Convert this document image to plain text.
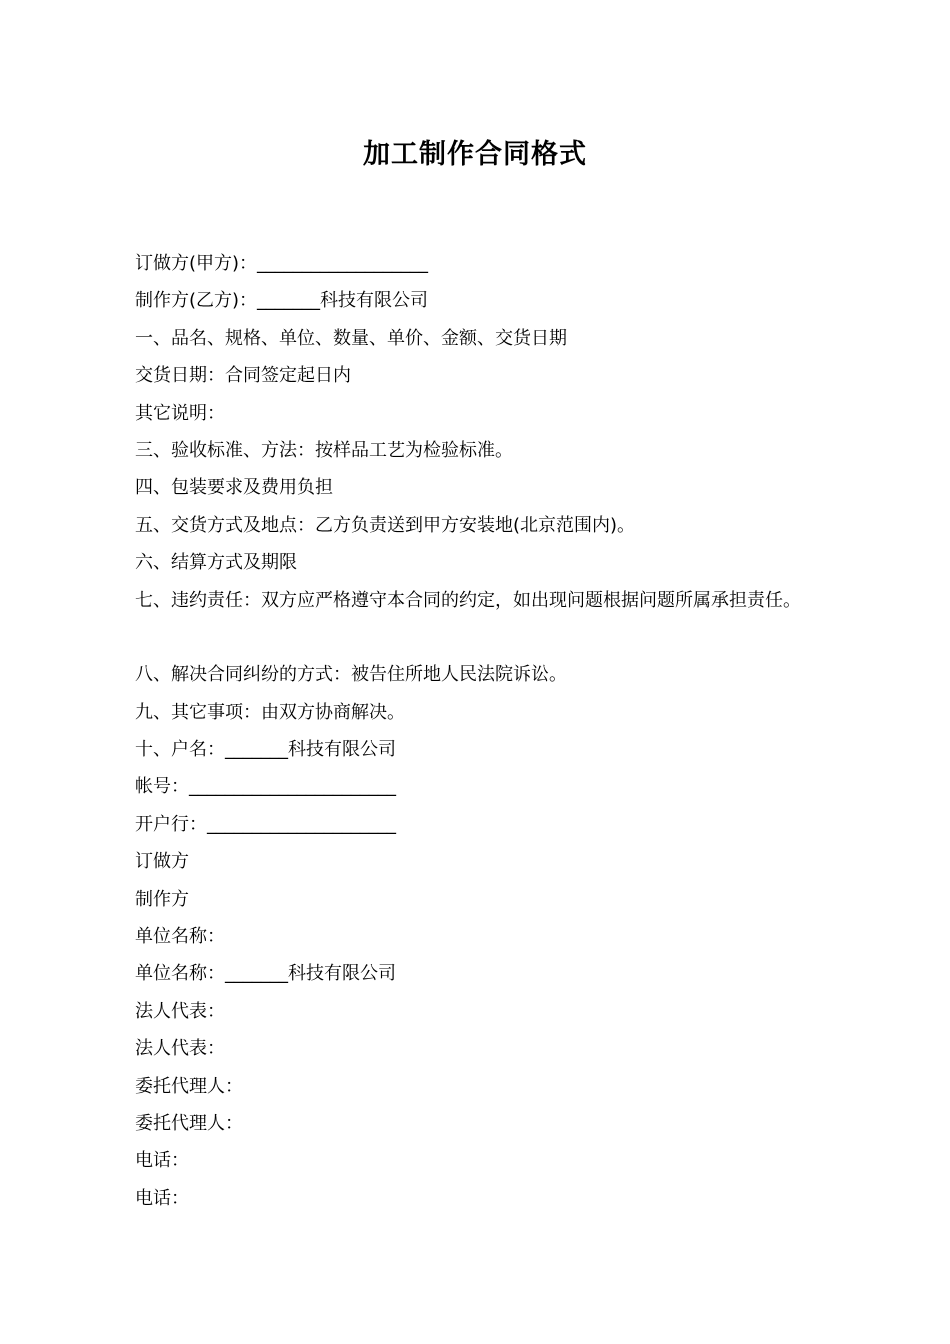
加工制作合同格式
订做方(甲方)：___________________
制作方(乙方)：_______科技有限公司
一、品名、规格、单位、数量、单价、金额、交货日期
交货日期：合同签定起日内
其它说明：
三、验收标准、方法：按样品工艺为检验标准。
四、包装要求及费用负担
五、交货方式及地点：乙方负责送到甲方安装地(北京范围内)。
六、结算方式及期限
七、违约责任：双方应严格遵守本合同的约定，如出现问题根据问题所属承担责任。
八、解决合同纠纷的方式：被告住所地人民法院诉讼。
九、其它事项：由双方协商解决。
十、户名：_______科技有限公司
帐号：_______________________
开户行：_____________________
订做方
制作方
单位名称：
单位名称：_______科技有限公司
法人代表：
法人代表：
委托代理人：
委托代理人：
电话：
电话：
